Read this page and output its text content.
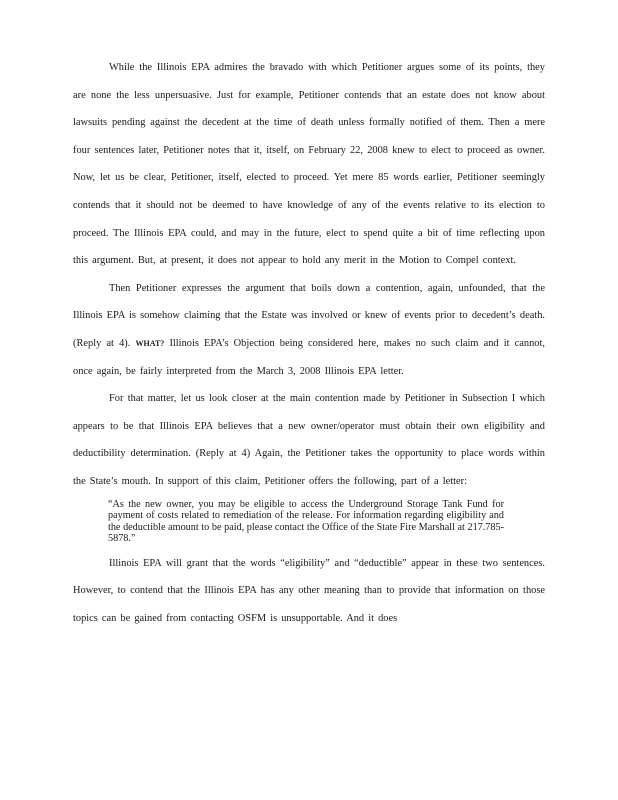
While the Illinois EPA admires the bravado with which Petitioner argues some of its points, they are none the less unpersuasive. Just for example, Petitioner contends that an estate does not know about lawsuits pending against the decedent at the time of death unless formally notified of them. Then a mere four sentences later, Petitioner notes that it, itself, on February 22, 2008 knew to elect to proceed as owner. Now, let us be clear, Petitioner, itself, elected to proceed. Yet mere 85 words earlier, Petitioner seemingly contends that it should not be deemed to have knowledge of any of the events relative to its election to proceed. The Illinois EPA could, and may in the future, elect to spend quite a bit of time reflecting upon this argument. But, at present, it does not appear to hold any merit in the Motion to Compel context.

Then Petitioner expresses the argument that boils down a contention, again, unfounded, that the Illinois EPA is somehow claiming that the Estate was involved or knew of events prior to decedent’s death. (Reply at 4). WHAT? Illinois EPA’s Objection being considered here, makes no such claim and it cannot, once again, be fairly interpreted from the March 3, 2008 Illinois EPA letter.

For that matter, let us look closer at the main contention made by Petitioner in Subsection I which appears to be that Illinois EPA believes that a new owner/operator must obtain their own eligibility and deductibility determination. (Reply at 4) Again, the Petitioner takes the opportunity to place words within the State’s mouth. In support of this claim, Petitioner offers the following, part of a letter:

“As the new owner, you may be eligible to access the Underground Storage Tank Fund for payment of costs related to remediation of the release. For information regarding eligibility and the deductible amount to be paid, please contact the Office of the State Fire Marshall at 217.785-5878.”

Illinois EPA will grant that the words “eligibility” and “deductible” appear in these two sentences. However, to contend that the Illinois EPA has any other meaning than to provide that information on those topics can be gained from contacting OSFM is unsupportable. And it does
